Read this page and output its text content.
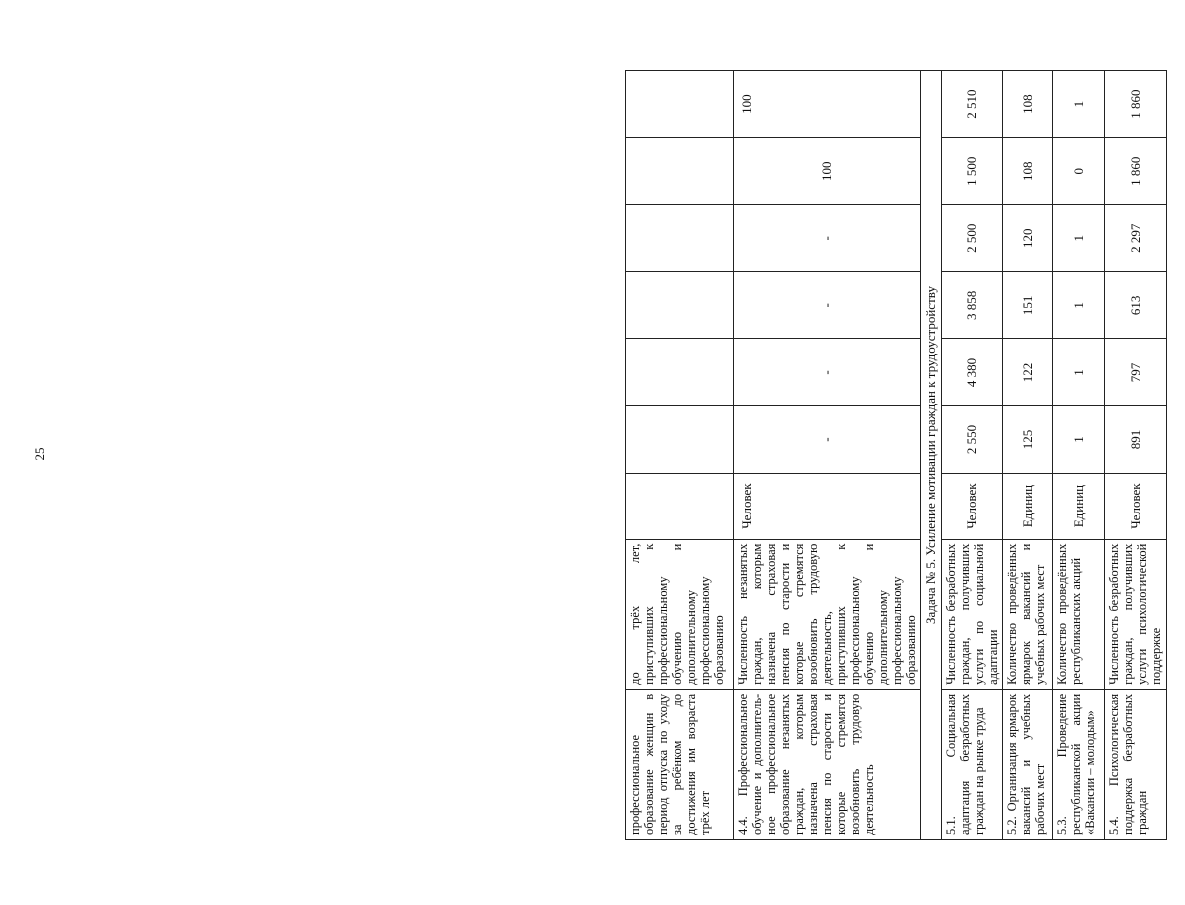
25
профессиональное образование женщин в период отпуска по уходу за ребёнком до достижения им возраста трёх лет	до трёх лет, приступивших к профессиональному обучению и дополнительному профессиональному образованию							
4.4. Профессиональное обучение и дополнитель-ное профессиональное образование незанятых граждан, которым назначена страховая пенсия по старости и которые стремятся возобновить трудовую деятельность	Численность незанятых граждан, которым назначена страховая пенсия по старости и которые стремятся возобновить трудовую деятельность, приступивших к профессиональному обучению и дополнительному профессиональному образованию	Человек	-	-	-	-	100	100
Задача № 5. Усиление мотивации граждан к трудоустройству								
5.1. Социальная адаптация безработных граждан на рынке труда	Численность безработных граждан, получивших услуги по социальной адаптации	Человек	2 550	4 380	3 858	2 500	1 500	2 510
5.2. Организация ярмарок вакансий и учебных рабочих мест	Количество проведённых ярмарок вакансий и учебных рабочих мест	Единиц	125	122	151	120	108	108
5.3. Проведение республиканской акции «Вакансии – молодым»	Количество проведённых республиканских акций	Единиц	1	1	1	1	0	1
5.4. Психологическая поддержка безработных граждан	Численность безработных граждан, получивших услуги психологической поддержке	Человек	891	797	613	2 297	1 860	1 860
